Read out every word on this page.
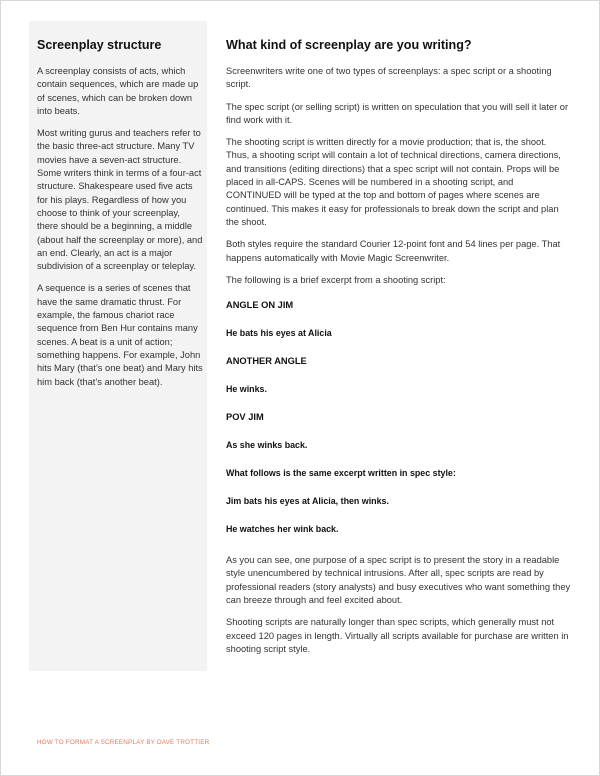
Screenplay structure

A screenplay consists of acts, which contain sequences, which are made up of scenes, which can be broken down into beats.

Most writing gurus and teachers refer to the basic three-act structure. Many TV movies have a seven-act structure. Some writers think in terms of a four-act structure. Shakespeare used five acts for his plays. Regardless of how you choose to think of your screenplay, there should be a beginning, a middle (about half the screenplay or more), and an end. Clearly, an act is a major subdivision of a screenplay or teleplay.

A sequence is a series of scenes that have the same dramatic thrust. For example, the famous chariot race sequence from Ben Hur contains many scenes. A beat is a unit of action; something happens. For example, John hits Mary (that’s one beat) and Mary hits him back (that’s another beat).

What kind of screenplay are you writing?

Screenwriters write one of two types of screenplays: a spec script or a shooting script.

The spec script (or selling script) is written on speculation that you will sell it later or find work with it.

The shooting script is written directly for a movie production; that is, the shoot. Thus, a shooting script will contain a lot of technical directions, camera directions, and transitions (editing directions) that a spec script will not contain. Props will be placed in all-CAPS. Scenes will be numbered in a shooting script, and CONTINUED will be typed at the top and bottom of pages where scenes are continued. This makes it easy for professionals to break down the script and plan the shoot.

Both styles require the standard Courier 12-point font and 54 lines per page. That happens automatically with Movie Magic Screenwriter.

The following is a brief excerpt from a shooting script:

ANGLE ON JIM
He bats his eyes at Alicia
ANOTHER ANGLE
He winks.
POV JIM
As she winks back.
What follows is the same excerpt written in spec style:
Jim bats his eyes at Alicia, then winks.
He watches her wink back.

As you can see, one purpose of a spec script is to present the story in a readable style unencumbered by technical intrusions. After all, spec scripts are read by professional readers (story analysts) and busy executives who want something they can breeze through and feel excited about.

Shooting scripts are naturally longer than spec scripts, which generally must not exceed 120 pages in length. Virtually all scripts available for purchase are written in shooting script style.

HOW TO FORMAT A SCREENPLAY BY DAVE TROTTIER
